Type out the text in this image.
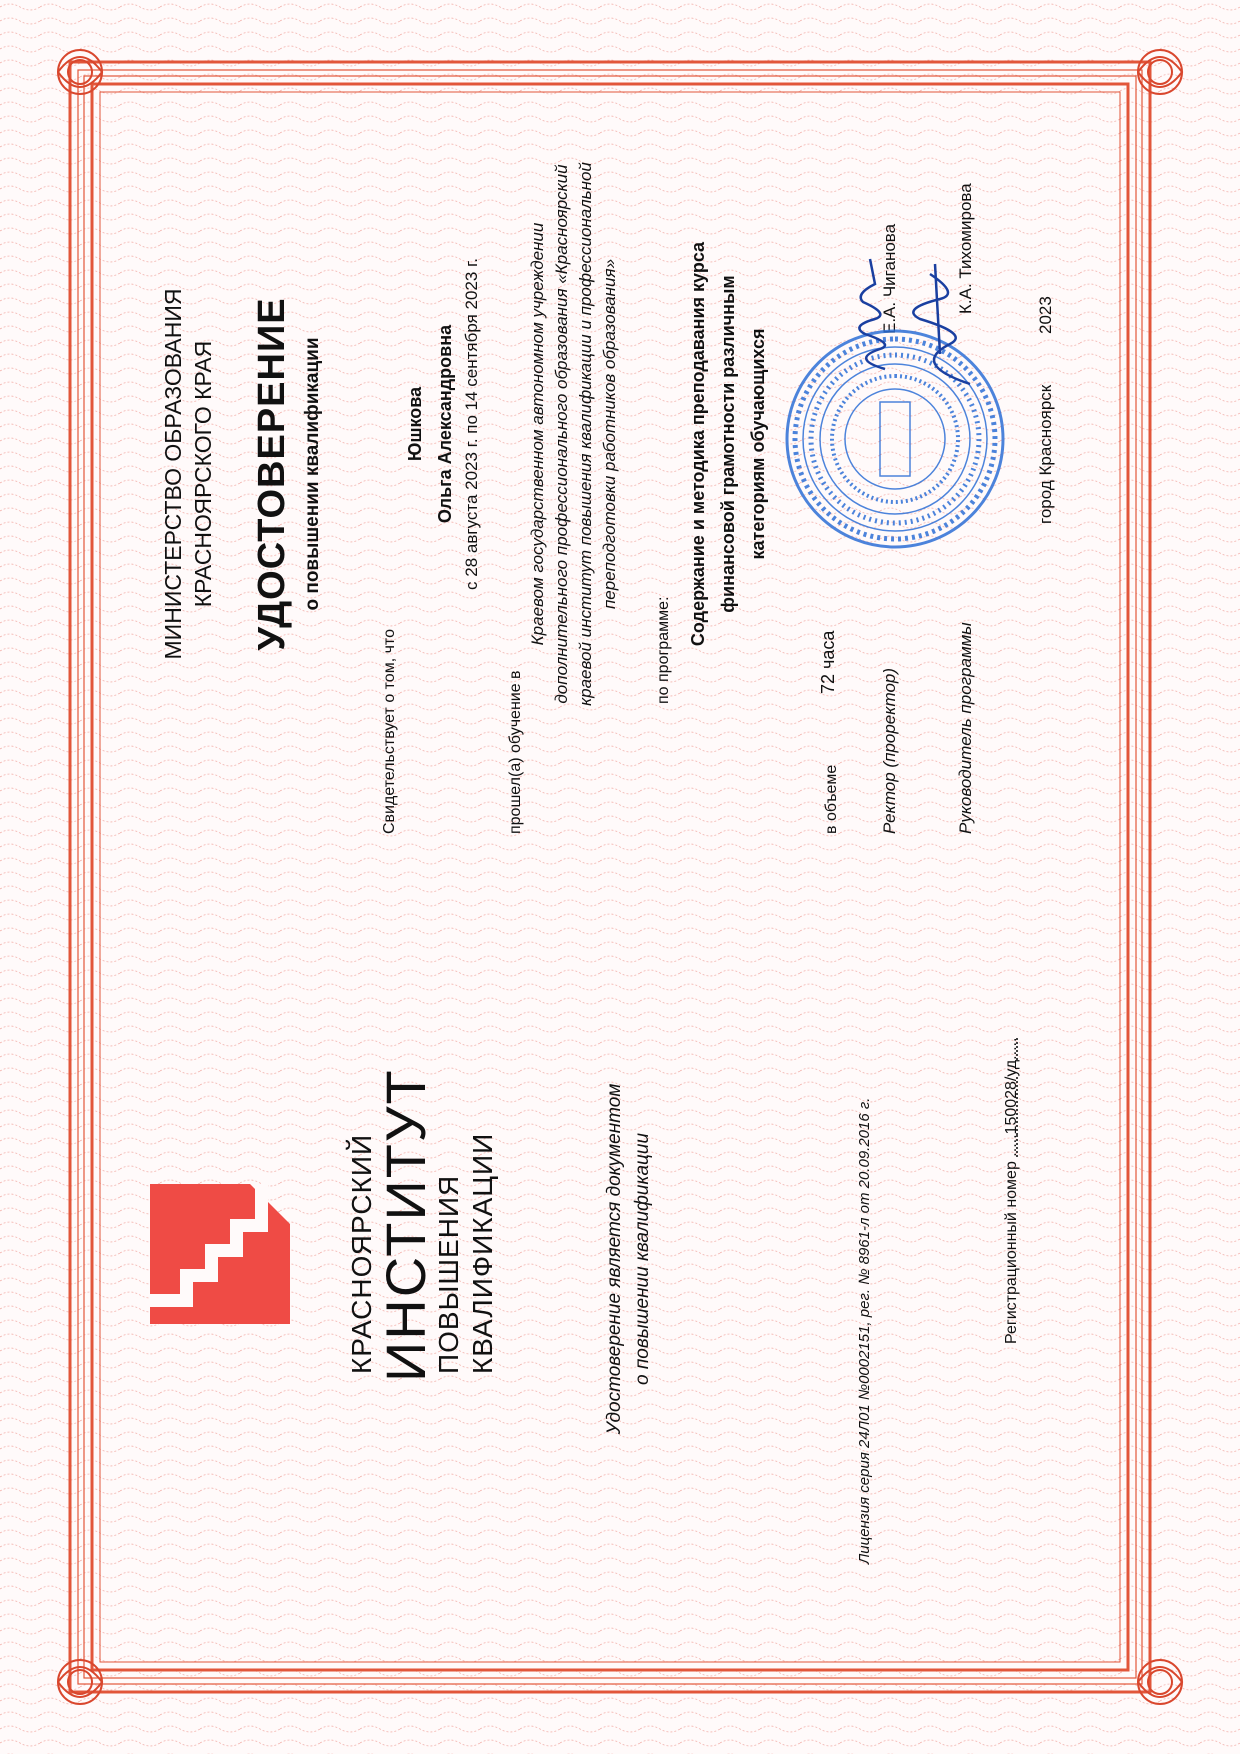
КРАСНОЯРСКИЙ
ИНСТИТУТ
ПОВЫШЕНИЯ КВАЛИФИКАЦИИ	Удостоверение является документом о повышении квалификации	Лицензия серия 24Л01 №0002151, рег. № 8961-л от 20.09.2016 г.	Регистрационный номер .....150028/уд.....
МИНИСТЕРСТВО ОБРАЗОВАНИЯ КРАСНОЯРСКОГО КРАЯ УДОСТОВЕРЕНИЕ о повышении квалификации
Свидетельствует о том, что
Юшкова Ольга Александровна с 28 августа 2023 г. по 14 сентября 2023 г.
прошел(а) обучение в
Краевом государственном автономном учреждении дополнительного профессионального образования «Красноярский краевой институт повышения квалификации и профессиональной переподготовки работников образования»
по программе:
Содержание и методика преподавания курса финансовой грамотности различным категориям обучающихся
в объеме
72 часа
Ректор (проректор)
Е.А. Чиганова
Руководитель программы
К.А. Тихомирова
город Красноярск
2023
